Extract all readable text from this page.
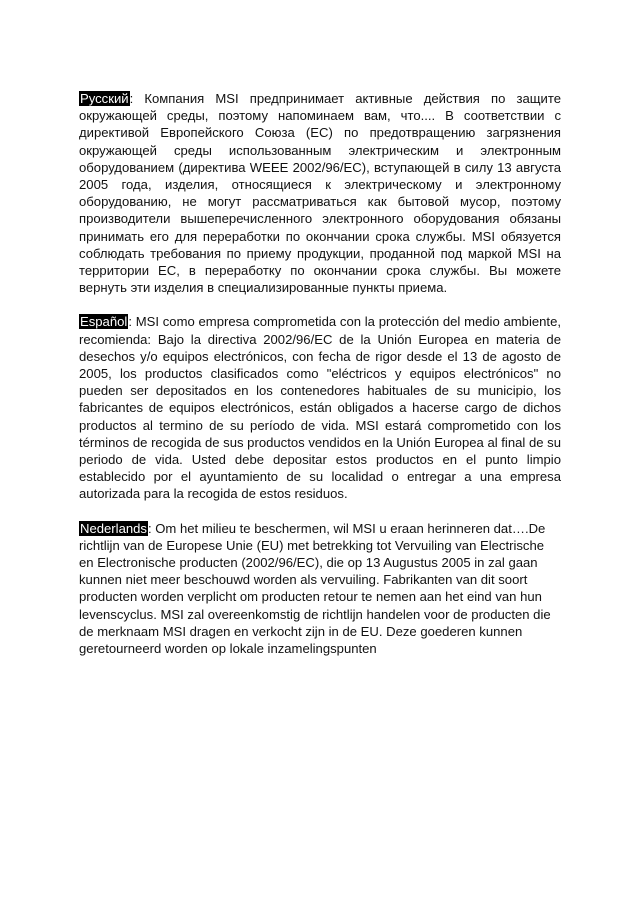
Русский: Компания MSI предпринимает активные действия по защите окружающей среды, поэтому напоминаем вам, что.... В соответствии с директивой Европейского Союза (ЕС) по предотвращению загрязнения окружающей среды использованным электрическим и электронным оборудованием (директива WEEE 2002/96/EC), вступающей в силу 13 августа 2005 года, изделия, относящиеся к электрическому и электронному оборудованию, не могут рассматриваться как бытовой мусор, поэтому производители вышеперечисленного электронного оборудования обязаны принимать его для переработки по окончании срока службы. MSI обязуется соблюдать требования по приему продукции, проданной под маркой MSI на территории EC, в переработку по окончании срока службы. Вы можете вернуть эти изделия в специализированные пункты приема.

Español: MSI como empresa comprometida con la protección del medio ambiente, recomienda: Bajo la directiva 2002/96/EC de la Unión Europea en materia de desechos y/o equipos electrónicos, con fecha de rigor desde el 13 de agosto de 2005, los productos clasificados como "eléctricos y equipos electrónicos" no pueden ser depositados en los contenedores habituales de su municipio, los fabricantes de equipos electrónicos, están obligados a hacerse cargo de dichos productos al termino de su período de vida. MSI estará comprometido con los términos de recogida de sus productos vendidos en la Unión Europea al final de su periodo de vida. Usted debe depositar estos productos en el punto limpio establecido por el ayuntamiento de su localidad o entregar a una empresa autorizada para la recogida de estos residuos.

Nederlands: Om het milieu te beschermen, wil MSI u eraan herinneren dat….De richtlijn van de Europese Unie (EU) met betrekking tot Vervuiling van Electrische en Electronische producten (2002/96/EC), die op 13 Augustus 2005 in zal gaan kunnen niet meer beschouwd worden als vervuiling. Fabrikanten van dit soort producten worden verplicht om producten retour te nemen aan het eind van hun levenscyclus. MSI zal overeenkomstig de richtlijn handelen voor de producten die de merknaam MSI dragen en verkocht zijn in de EU. Deze goederen kunnen geretourneerd worden op lokale inzamelingspunten
